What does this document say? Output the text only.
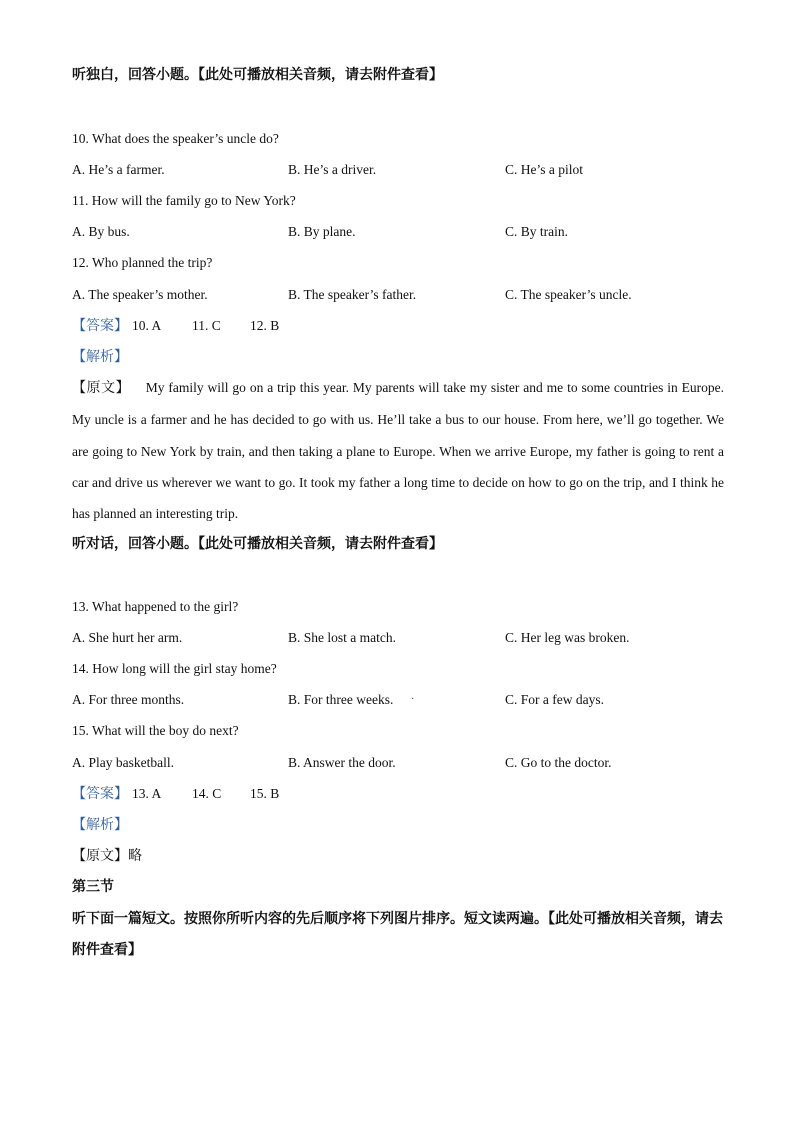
听独白，回答小题。【此处可播放相关音频，请去附件查看】
10. What does the speaker’s uncle do?
A. He’s a farmer.	B. He’s a driver.	C. He’s a pilot
11. How will the family go to New York?
A. By bus.	B. By plane.	C. By train.
12. Who planned the trip?
A. The speaker’s mother.	B. The speaker’s father.	C. The speaker’s uncle.
【答案】 10. A 11. C 12. B
【解析】
【原文】 My family will go on a trip this year. My parents will take my sister and me to some countries in Europe. My uncle is a farmer and he has decided to go with us. He’ll take a bus to our house. From here, we’ll go together. We are going to New York by train, and then taking a plane to Europe. When we arrive Europe, my father is going to rent a car and drive us wherever we want to go. It took my father a long time to decide on how to go on the trip, and I think he has planned an interesting trip.
听对话，回答小题。【此处可播放相关音频，请去附件查看】
13. What happened to the girl?
A. She hurt her arm.	B. She lost a match.	C. Her leg was broken.
14. How long will the girl stay home?
A. For three months.	B. For three weeks.	C. For a few days.
·
15. What will the boy do next?
A. Play basketball.	B. Answer the door.	C. Go to the doctor.
【答案】 13. A 14. C 15. B
【解析】
【原文】略
第三节
听下面一篇短文。按照你所听内容的先后顺序将下列图片排序。短文读两遍。【此处可播放相关音频，请去
附件查看】
